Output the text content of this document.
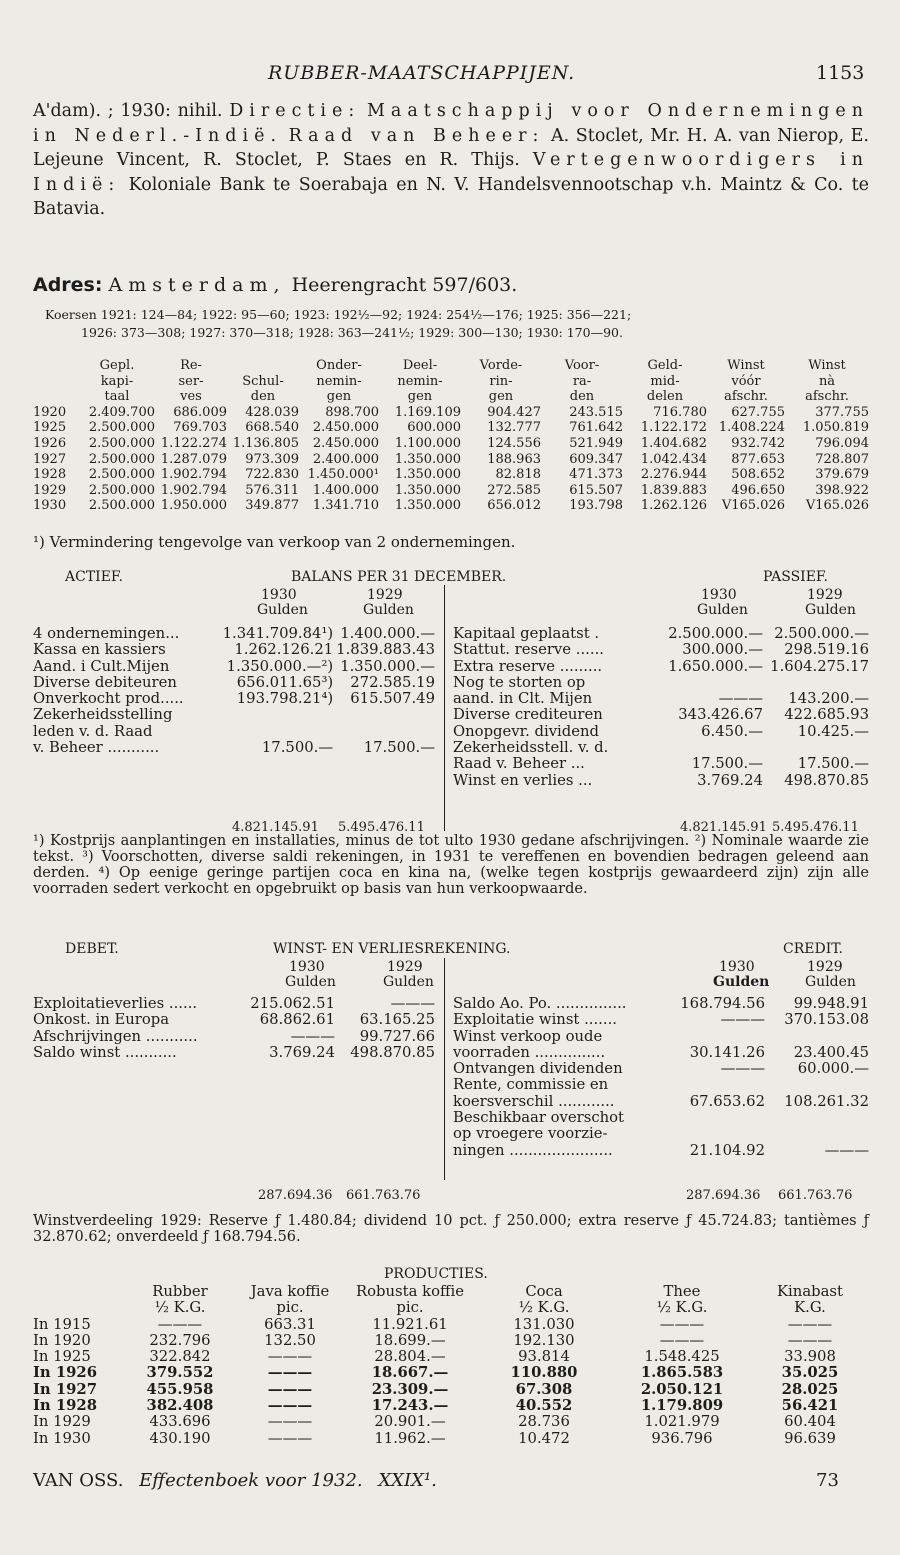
RUBBER-MAATSCHAPPIJEN.	1153

A'dam). ; 1930: nihil. Directie: Maatschappij voor Ondernemingen in Nederl.-Indië. Raad van Beheer: A. Stoclet, Mr. H. A. van Nierop, E. Lejeune Vincent, R. Stoclet, P. Staes en R. Thijs. Vertegenwoordigers in Indië: Koloniale Bank te Soerabaja en N. V. Handelsvennootschap v.h. Maintz & Co. te Batavia.

Adres: Amsterdam, Heerengracht 597/603.
Koersen 1921: 124—84; 1922: 95—60; 1923: 192½—92; 1924: 254½—176; 1925: 356—221;
1926: 373—308; 1927: 370—318; 1928: 363—241½; 1929: 300—130; 1930: 170—90.
	Gepl.	Re-		Onder-	Deel-	Vorde-	Voor-	Geld-	Winst	Winst
	kapi-	ser-	Schul-	nemin-	nemin-	rin-	ra-	mid-	vóór	nà
	taal	ves	den	gen	gen	gen	den	delen	afschr.	afschr.
1920	2.409.700	686.009	428.039	898.700	1.169.109	904.427	243.515	716.780	627.755	377.755
1925	2.500.000	769.703	668.540	2.450.000	600.000	132.777	761.642	1.122.172	1.408.224	1.050.819
1926	2.500.000	1.122.274	1.136.805	2.450.000	1.100.000	124.556	521.949	1.404.682	932.742	796.094
1927	2.500.000	1.287.079	973.309	2.400.000	1.350.000	188.963	609.347	1.042.434	877.653	728.807
1928	2.500.000	1.902.794	722.830	1.450.000¹	1.350.000	82.818	471.373	2.276.944	508.652	379.679
1929	2.500.000	1.902.794	576.311	1.400.000	1.350.000	272.585	615.507	1.839.883	496.650	398.922
1930	2.500.000	1.950.000	349.877	1.341.710	1.350.000	656.012	193.798	1.262.126	V165.026	V165.026
¹) Vermindering tengevolge van verkoop van 2 ondernemingen.
ACTIEF.	BALANS PER 31 DECEMBER.	PASSIEF.
1930	1929
Gulden	Gulden
1930	1929
Gulden	Gulden
4 ondernemingen...	1.341.709.84¹)	1.400.000.—
Kassa en kassiers	1.262.126.21	1.839.883.43
Aand. i Cult.Mijen	1.350.000.—²)	1.350.000.—
Diverse debiteuren	656.011.65³)	272.585.19
Onverkocht prod.....	193.798.21⁴)	615.507.49
Zekerheidsstelling		
leden v. d. Raad		
v. Beheer ...........	17.500.—	17.500.—
Kapitaal geplaatst .	2.500.000.—	2.500.000.—
Stattut. reserve ......	300.000.—	298.519.16
Extra reserve .........	1.650.000.—	1.604.275.17
Nog te storten op		
aand. in Clt. Mijen	———	143.200.—
Diverse crediteuren	343.426.67	422.685.93
Onopgevr. dividend	6.450.—	10.425.—
Zekerheidsstell. v. d.		
Raad v. Beheer ...	17.500.—	17.500.—
Winst en verlies ...	3.769.24	498.870.85
4.821.145.91 5.495.476.11	4.821.145.91 5.495.476.11
¹) Kostprijs aanplantingen en installaties, minus de tot ulto 1930 gedane afschrijvingen. ²) Nominale waarde zie tekst. ³) Voorschotten, diverse saldi rekeningen, in 1931 te vereffenen en bovendien bedragen geleend aan derden. ⁴) Op eenige geringe partijen coca en kina na, (welke tegen kostprijs gewaardeerd zijn) zijn alle voorraden sedert verkocht en opgebruikt op basis van hun verkoopwaarde.
DEBET.	WINST- EN VERLIESREKENING.	CREDIT.
1930	1929
Gulden	Gulden
1930	1929
Gulden	Gulden
Exploitatieverlies ......	215.062.51	———
Onkost. in Europa	68.862.61	63.165.25
Afschrijvingen ...........	———	99.727.66
Saldo winst ...........	3.769.24	498.870.85
Saldo Ao. Po. ...............	168.794.56	99.948.91
Exploitatie winst .......	———	370.153.08
Winst verkoop oude		
voorraden ...............	30.141.26	23.400.45
Ontvangen dividenden	———	60.000.—
Rente, commissie en		
koersverschil ............	67.653.62	108.261.32
Beschikbaar overschot		
op vroegere voorzie-		
ningen ......................	21.104.92	———
287.694.36 661.763.76	287.694.36 661.763.76
Winstverdeeling 1929: Reserve ƒ 1.480.84; dividend 10 pct. ƒ 250.000; extra reserve ƒ 45.724.83; tantièmes ƒ 32.870.62; onverdeeld ƒ 168.794.56.
PRODUCTIES.
	Rubber	Java koffie	Robusta koffie	Coca	Thee	Kinabast
	½ K.G.	pic.	pic.	½ K.G.	½ K.G.	K.G.
In 1915	———	663.31	11.921.61	131.030	———	———
In 1920	232.796	132.50	18.699.—	192.130	———	———
In 1925	322.842	———	28.804.—	93.814	1.548.425	33.908
In 1926	379.552	———	18.667.—	110.880	1.865.583	35.025
In 1927	455.958	———	23.309.—	67.308	2.050.121	28.025
In 1928	382.408	———	17.243.—	40.552	1.179.809	56.421
In 1929	433.696	———	20.901.—	28.736	1.021.979	60.404
In 1930	430.190	———	11.962.—	10.472	936.796	96.639
VAN OSS. Effectenboek voor 1932. XXIX¹.	73
